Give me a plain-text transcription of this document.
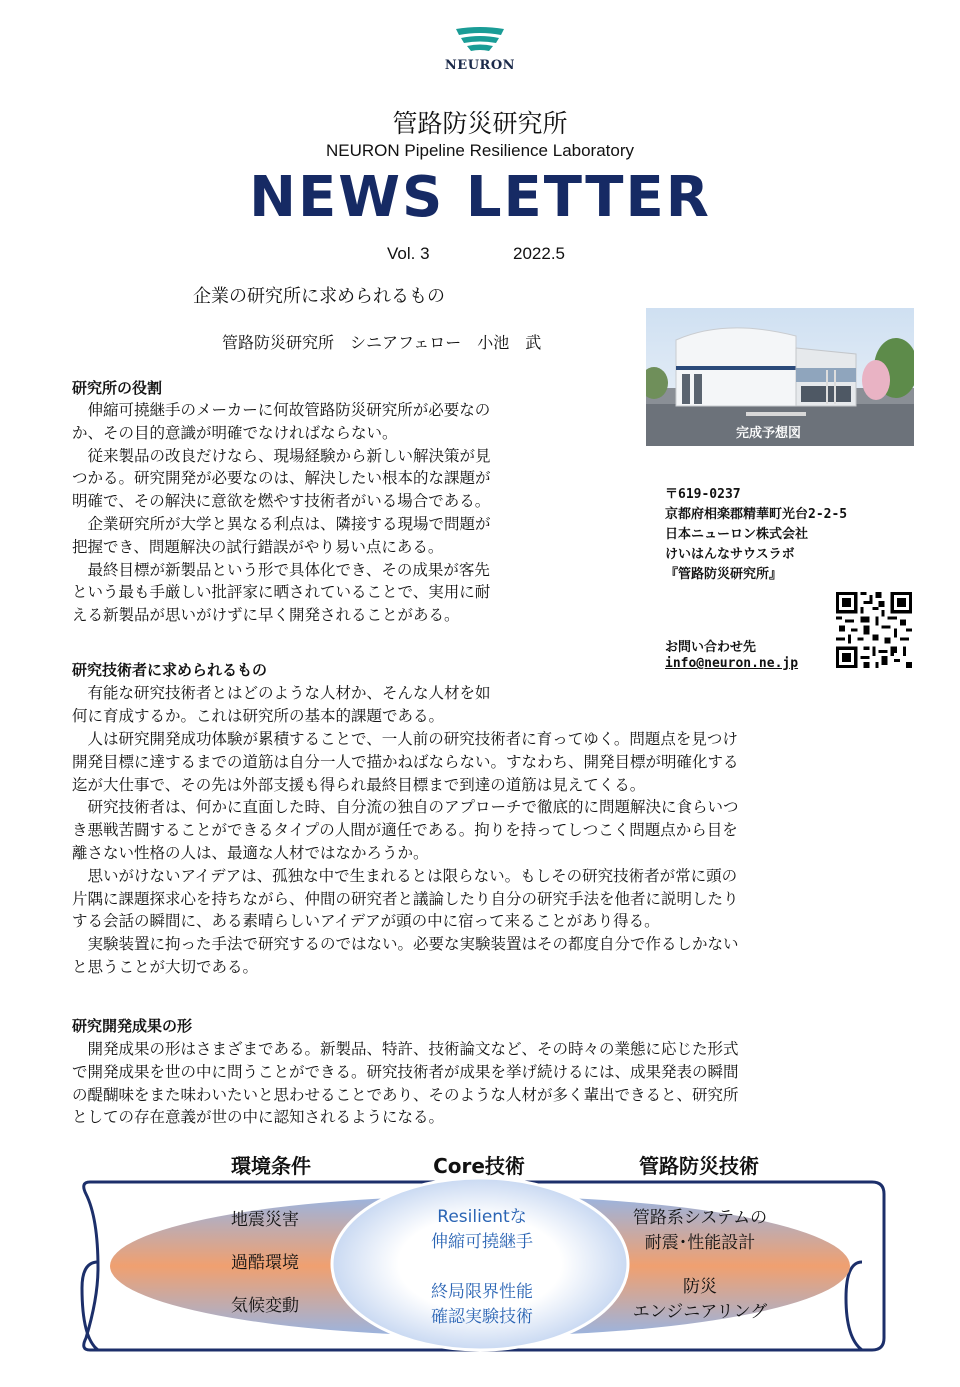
NEURON
管路防災研究所
NEURON Pipeline Resilience Laboratory
NEWS LETTER
Vol. 3	2022.5
企業の研究所に求められるもの
管路防災研究所　シニアフェロー　小池　武
完成予想図
〒619-0237
京都府相楽郡精華町光台2-2-5
日本ニューロン株式会社
けいはんなサウスラボ
『管路防災研究所』
お問い合わせ先
info@neuron.ne.jp
研究所の役割

　伸縮可撓継手のメーカーに何故管路防災研究所が必要なの
か、その目的意識が明確でなければならない。
　従来製品の改良だけなら、現場経験から新しい解決策が見
つかる。研究開発が必要なのは、解決したい根本的な課題が
明確で、その解決に意欲を燃やす技術者がいる場合である。
　企業研究所が大学と異なる利点は、隣接する現場で問題が
把握でき、問題解決の試行錯誤がやり易い点にある。
　最終目標が新製品という形で具体化でき、その成果が客先
という最も手厳しい批評家に晒されていることで、実用に耐
える新製品が思いがけずに早く開発されることがある。

研究技術者に求められるもの

　有能な研究技術者とはどのような人材か、そんな人材を如
何に育成するか。これは研究所の基本的課題である。

　人は研究開発成功体験が累積することで、一人前の研究技術者に育ってゆく。問題点を見つけ
開発目標に達するまでの道筋は自分一人で描かねばならない。すなわち、開発目標が明確化する
迄が大仕事で、その先は外部支援も得られ最終目標まで到達の道筋は見えてくる。
　研究技術者は、何かに直面した時、自分流の独自のアプローチで徹底的に問題解決に食らいつ
き悪戦苦闘することができるタイプの人間が適任である。拘りを持ってしつこく問題点から目を
離さない性格の人は、最適な人材ではなかろうか。
　思いがけないアイデアは、孤独な中で生まれるとは限らない。もしその研究技術者が常に頭の
片隅に課題探求心を持ちながら、仲間の研究者と議論したり自分の研究手法を他者に説明したり
する会話の瞬間に、ある素晴らしいアイデアが頭の中に宿って来ることがあり得る。
　実験装置に拘った手法で研究するのではない。必要な実験装置はその都度自分で作るしかない
と思うことが大切である。

研究開発成果の形

　開発成果の形はさまざまである。新製品、特許、技術論文など、その時々の業態に応じた形式
で開発成果を世の中に問うことができる。研究技術者が成果を挙げ続けるには、成果発表の瞬間
の醍醐味をまた味わいたいと思わせることであり、そのような人材が多く輩出できると、研究所
としての存在意義が世の中に認知されるようになる。

環境条件	Core技術	管路防災技術
地震災害
過酷環境
気候変動
Resilientな
伸縮可撓継手
終局限界性能
確認実験技術
管路系システムの
耐震･性能設計
防災
エンジニアリング
